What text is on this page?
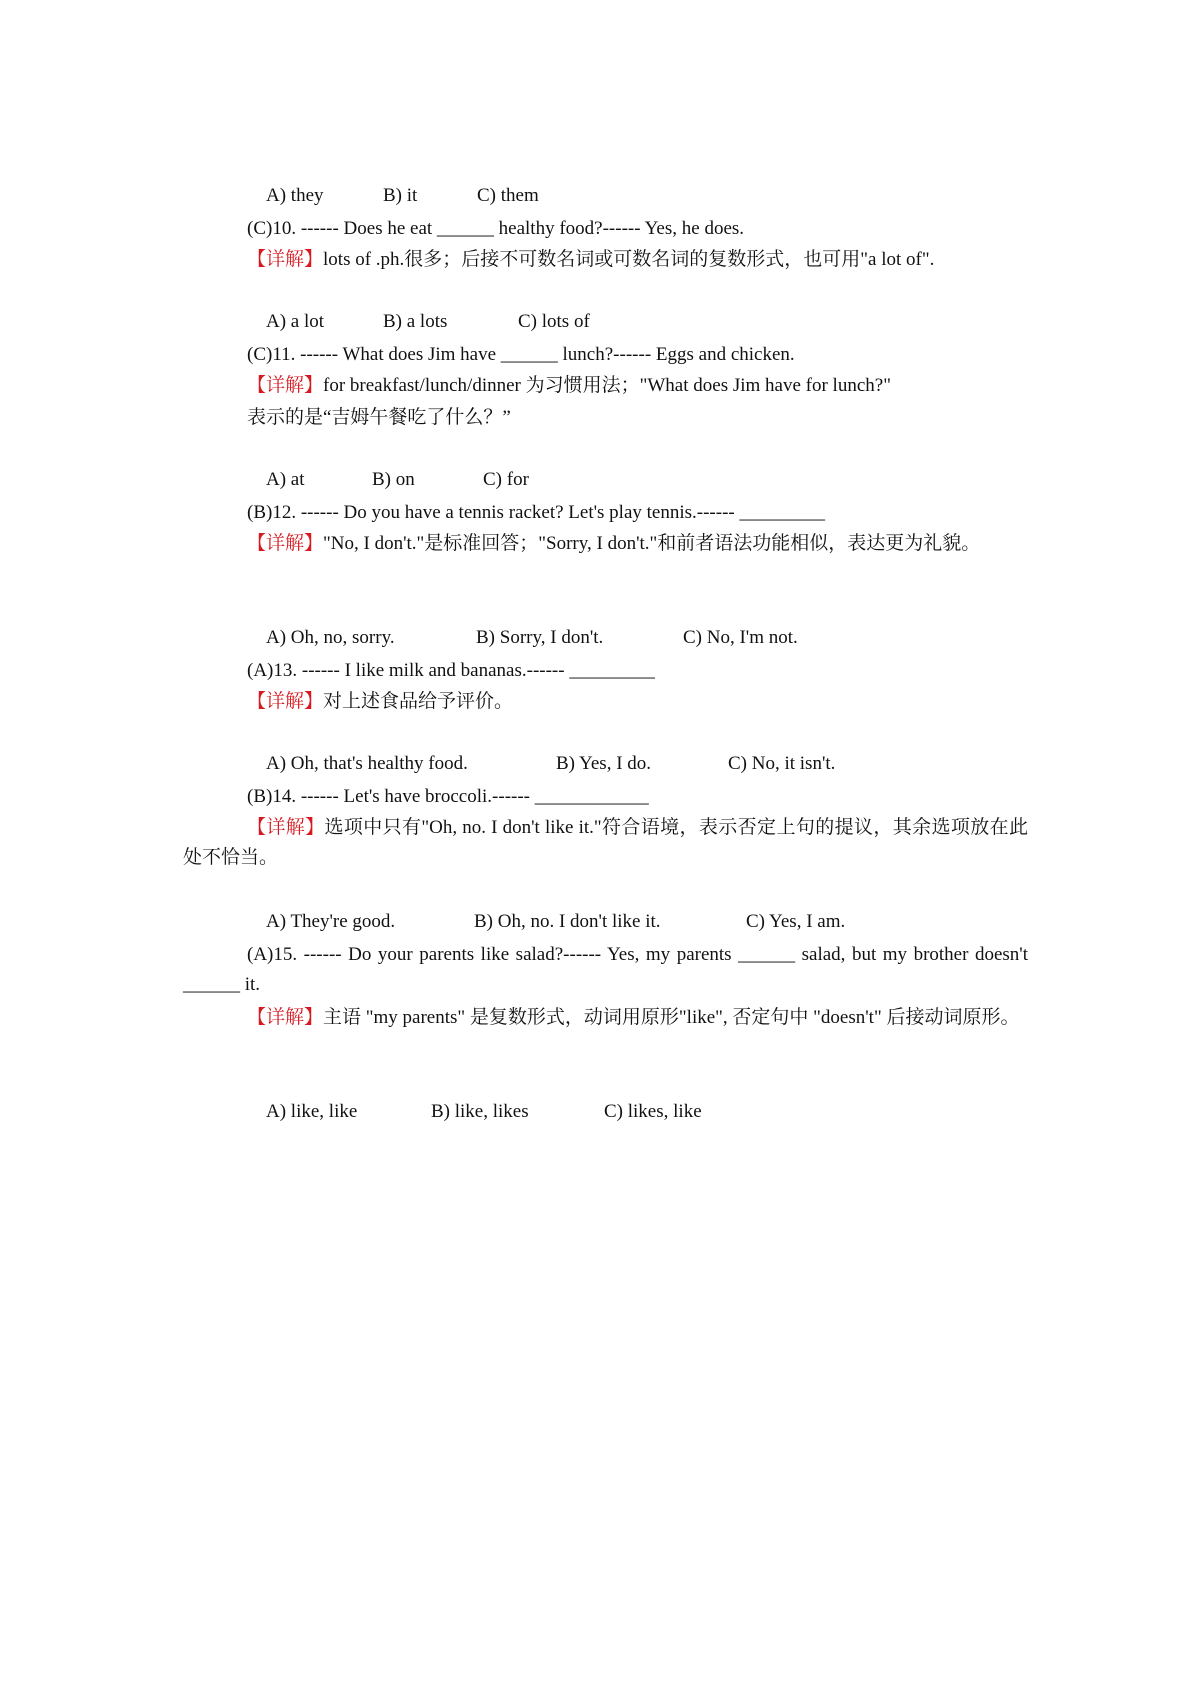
A) they	B) it	C) them

(C)10. ------ Does he eat ______ healthy food?------ Yes, he does.
【详解】lots of .ph.很多；后接不可数名词或可数名词的复数形式，也可用"a lot of".

A) a lot	B) a lots	C) lots of

(C)11. ------ What does Jim have ______ lunch?------ Eggs and chicken.
【详解】for breakfast/lunch/dinner 为习惯用法；"What does Jim have for lunch?"
表示的是“吉姆午餐吃了什么？”

A) at	B) on	C) for

(B)12. ------ Do you have a tennis racket? Let's play tennis.------ _________
【详解】"No, I don't."是标准回答；"Sorry, I don't."和前者语法功能相似，表达更为礼貌。

A) Oh, no, sorry.	B) Sorry, I don't.	C) No, I'm not.

(A)13. ------ I like milk and bananas.------ _________
【详解】对上述食品给予评价。

A) Oh, that's healthy food.	B) Yes, I do.	C) No, it isn't.

(B)14. ------ Let's have broccoli.------ ____________
【详解】选项中只有"Oh, no. I don't like it."符合语境，表示否定上句的提议，其余选项放在此处不恰当。

A) They're good.	B) Oh, no. I don't like it.	C) Yes, I am.

(A)15. ------ Do your parents like salad?------ Yes, my parents ______ salad, but my brother doesn't ______ it.
【详解】主语 "my parents" 是复数形式，动词用原形"like", 否定句中 "doesn't" 后接动词原形。

A) like, like	B) like, likes	C) likes, like
